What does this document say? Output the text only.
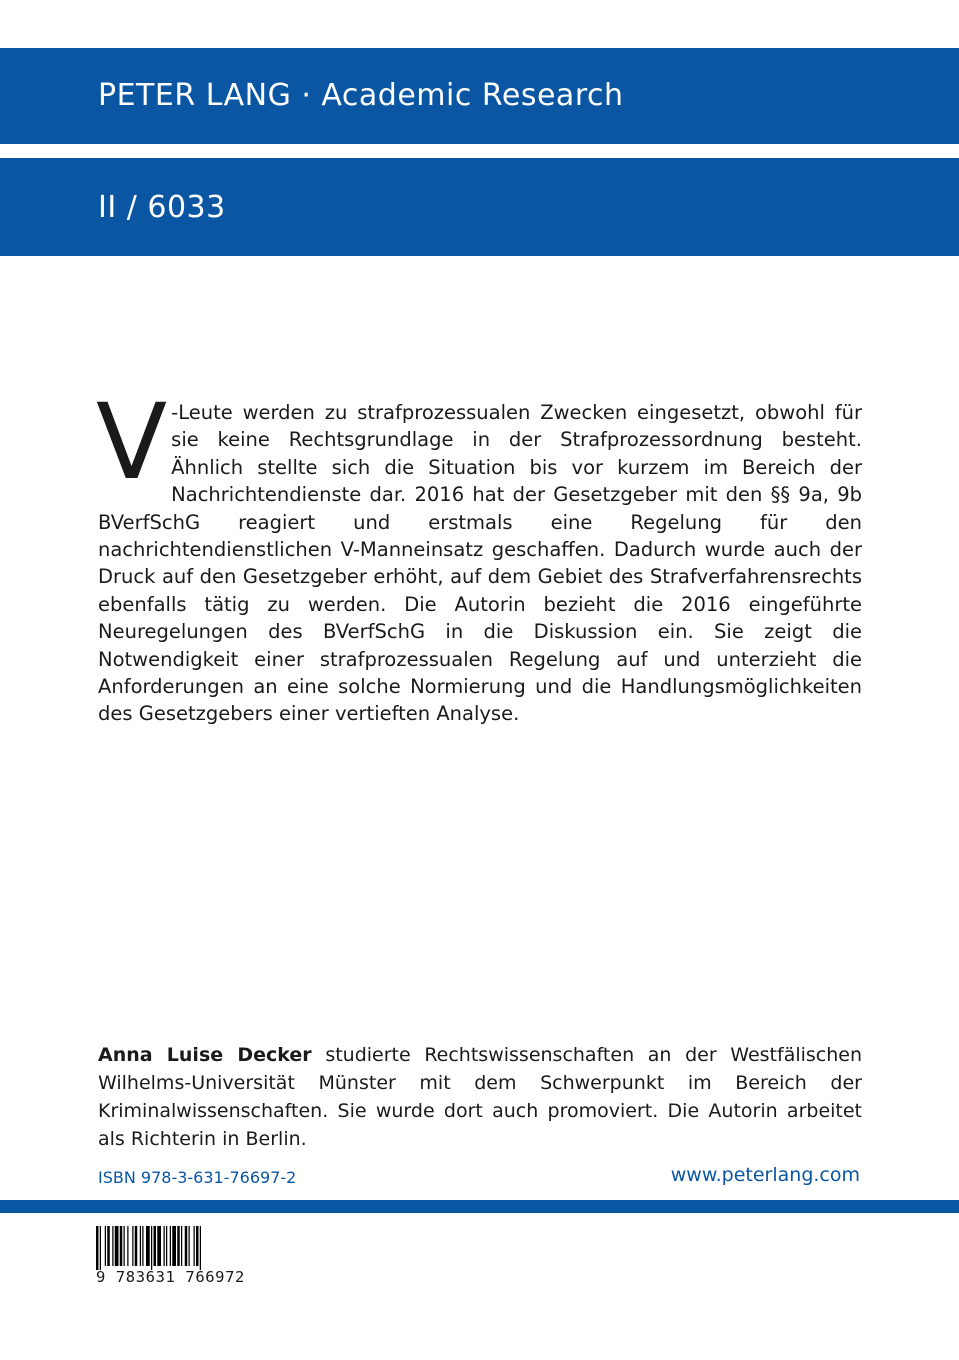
PETER LANG · Academic Research
II / 6033
V -Leute werden zu strafprozessualen Zwecken eingesetzt, obwohl für sie keine Rechtsgrundlage in der Strafprozessordnung besteht. Ähnlich stellte sich die Situation bis vor kurzem im Bereich der Nachrichtendienste dar. 2016 hat der Gesetzgeber mit den §§ 9a, 9b BVerfSchG reagiert und erstmals eine Regelung für den nachrichtendienstlichen V-Manneinsatz geschaffen. Dadurch wurde auch der Druck auf den Gesetzgeber erhöht, auf dem Gebiet des Strafverfahrensrechts ebenfalls tätig zu werden. Die Autorin bezieht die 2016 eingeführte Neuregelungen des BVerfSchG in die Diskussion ein. Sie zeigt die Notwendigkeit einer strafprozessualen Regelung auf und unterzieht die Anforderungen an eine solche Normierung und die Handlungsmöglichkeiten des Gesetzgebers einer vertieften Analyse.
Anna Luise Decker studierte Rechtswissenschaften an der Westfälischen Wilhelms-Universität Münster mit dem Schwerpunkt im Bereich der Kriminalwissenschaften. Sie wurde dort auch promoviert. Die Autorin arbeitet als Richterin in Berlin.
ISBN 978-3-631-76697-2	www.peterlang.com
9 783631 766972
